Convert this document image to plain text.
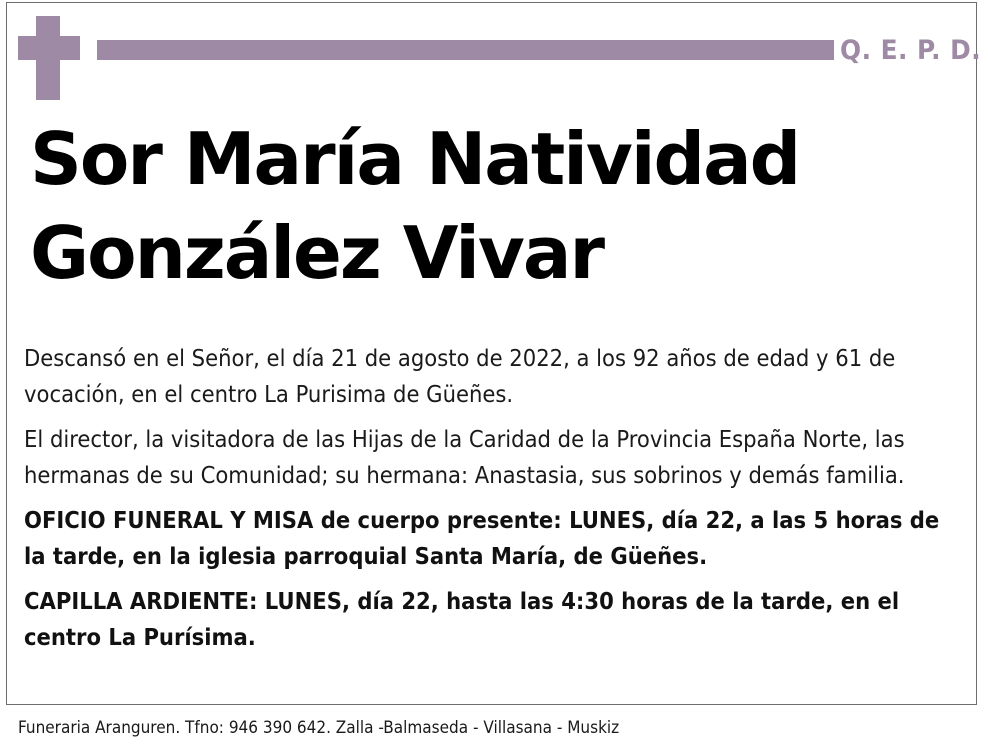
Q. E. P. D.
Sor María Natividad
González Vivar

Descansó en el Señor, el día 21 de agosto de 2022, a los 92 años de edad y 61 de vocación, en el centro La Purisima de Güeñes.

El director, la visitadora de las Hijas de la Caridad de la Provincia España Norte, las hermanas de su Comunidad; su hermana: Anastasia, sus sobrinos y demás familia.

OFICIO FUNERAL Y MISA de cuerpo presente: LUNES, día 22, a las 5 horas de la tarde, en la iglesia parroquial Santa María, de Güeñes.

CAPILLA ARDIENTE: LUNES, día 22, hasta las 4:30 horas de la tarde, en el centro La Purísima.

Funeraria Aranguren. Tfno: 946 390 642. Zalla -Balmaseda - Villasana - Muskiz
